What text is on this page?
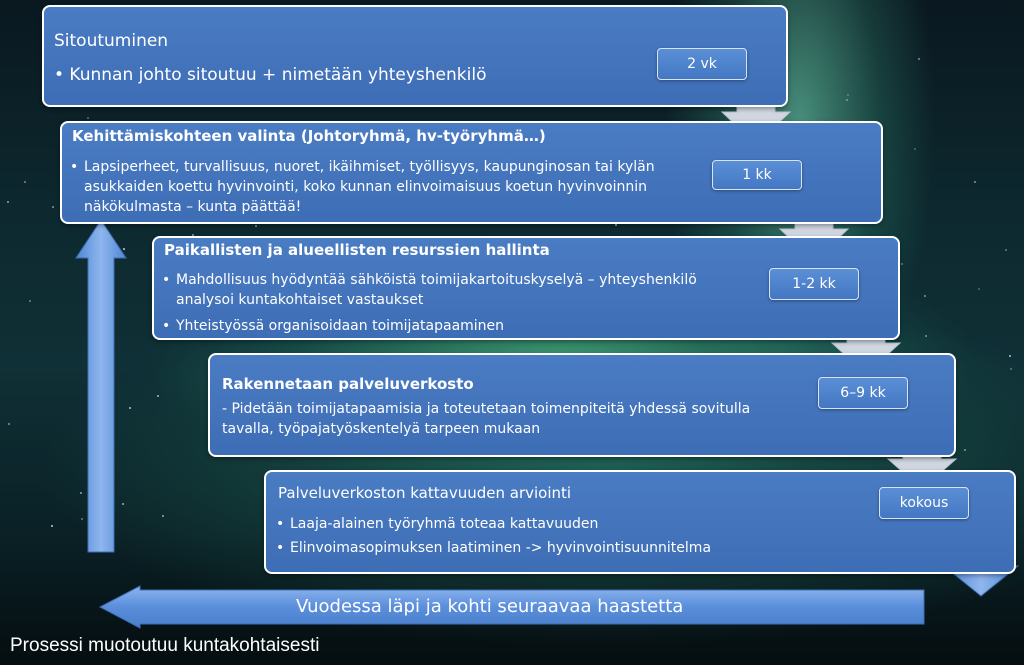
Sitoutuminen
• Kunnan johto sitoutuu + nimetään yhteyshenkilö
2 vk
Kehittämiskohteen valinta (Johtoryhmä, hv-työryhmä…)
• Lapsiperheet, turvallisuus, nuoret, ikäihmiset, työllisyys, kaupunginosan tai kylän asukkaiden koettu hyvinvointi, koko kunnan elinvoimaisuus koetun hyvinvoinnin näkökulmasta – kunta päättää!
1 kk
Paikallisten ja alueellisten resurssien hallinta
• Mahdollisuus hyödyntää sähköistä toimijakartoituskyselyä – yhteyshenkilö analysoi kuntakohtaiset vastaukset
• Yhteistyössä organisoidaan toimijatapaaminen
1-2 kk
Rakennetaan palveluverkosto
- Pidetään toimijatapaamisia ja toteutetaan toimenpiteitä yhdessä sovitulla tavalla, työpajatyöskentelyä tarpeen mukaan
6–9 kk
Palveluverkoston kattavuuden arviointi
• Laaja-alainen työryhmä toteaa kattavuuden
• Elinvoimasopimuksen laatiminen -> hyvinvointisuunnitelma
kokous
Vuodessa läpi ja kohti seuraavaa haastetta
Prosessi muotoutuu kuntakohtaisesti
